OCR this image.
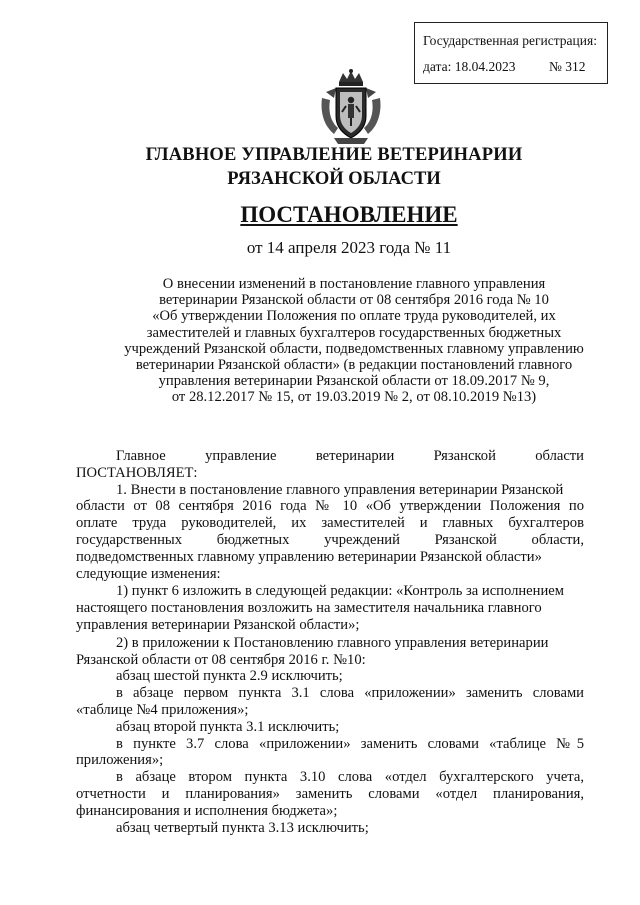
Государственная регистрация:
дата: 18.04.2023 № 312
ГЛАВНОЕ УПРАВЛЕНИЕ ВЕТЕРИНАРИИ
РЯЗАНСКОЙ ОБЛАСТИ
ПОСТАНОВЛЕНИЕ
от 14 апреля 2023 года № 11
О внесении изменений в постановление главного управления
ветеринарии Рязанской области от 08 сентября 2016 года № 10
«Об утверждении Положения по оплате труда руководителей, их
заместителей и главных бухгалтеров государственных бюджетных
учреждений Рязанской области, подведомственных главному управлению
ветеринарии Рязанской области» (в редакции постановлений главного
управления ветеринарии Рязанской области от 18.09.2017 № 9,
от 28.12.2017 № 15, от 19.03.2019 № 2, от 08.10.2019 №13)
Главное управление ветеринарии Рязанской области
ПОСТАНОВЛЯЕТ:
1. Внести в постановление главного управления ветеринарии Рязанской
области от 08 сентября 2016 года № 10 «Об утверждении Положения по
оплате труда руководителей, их заместителей и главных бухгалтеров
государственных бюджетных учреждений Рязанской области,
подведомственных главному управлению ветеринарии Рязанской области»
следующие изменения:
1) пункт 6 изложить в следующей редакции: «Контроль за исполнением
настоящего постановления возложить на заместителя начальника главного
управления ветеринарии Рязанской области»;
2) в приложении к Постановлению главного управления ветеринарии
Рязанской области от 08 сентября 2016 г. №10:
абзац шестой пункта 2.9 исключить;
в абзаце первом пункта 3.1 слова «приложении» заменить словами
«таблице №4 приложения»;
абзац второй пункта 3.1 исключить;
в пункте 3.7 слова «приложении» заменить словами «таблице №5
приложения»;
в абзаце втором пункта 3.10 слова «отдел бухгалтерского учета,
отчетности и планирования» заменить словами «отдел планирования,
финансирования и исполнения бюджета»;
абзац четвертый пункта 3.13 исключить;
